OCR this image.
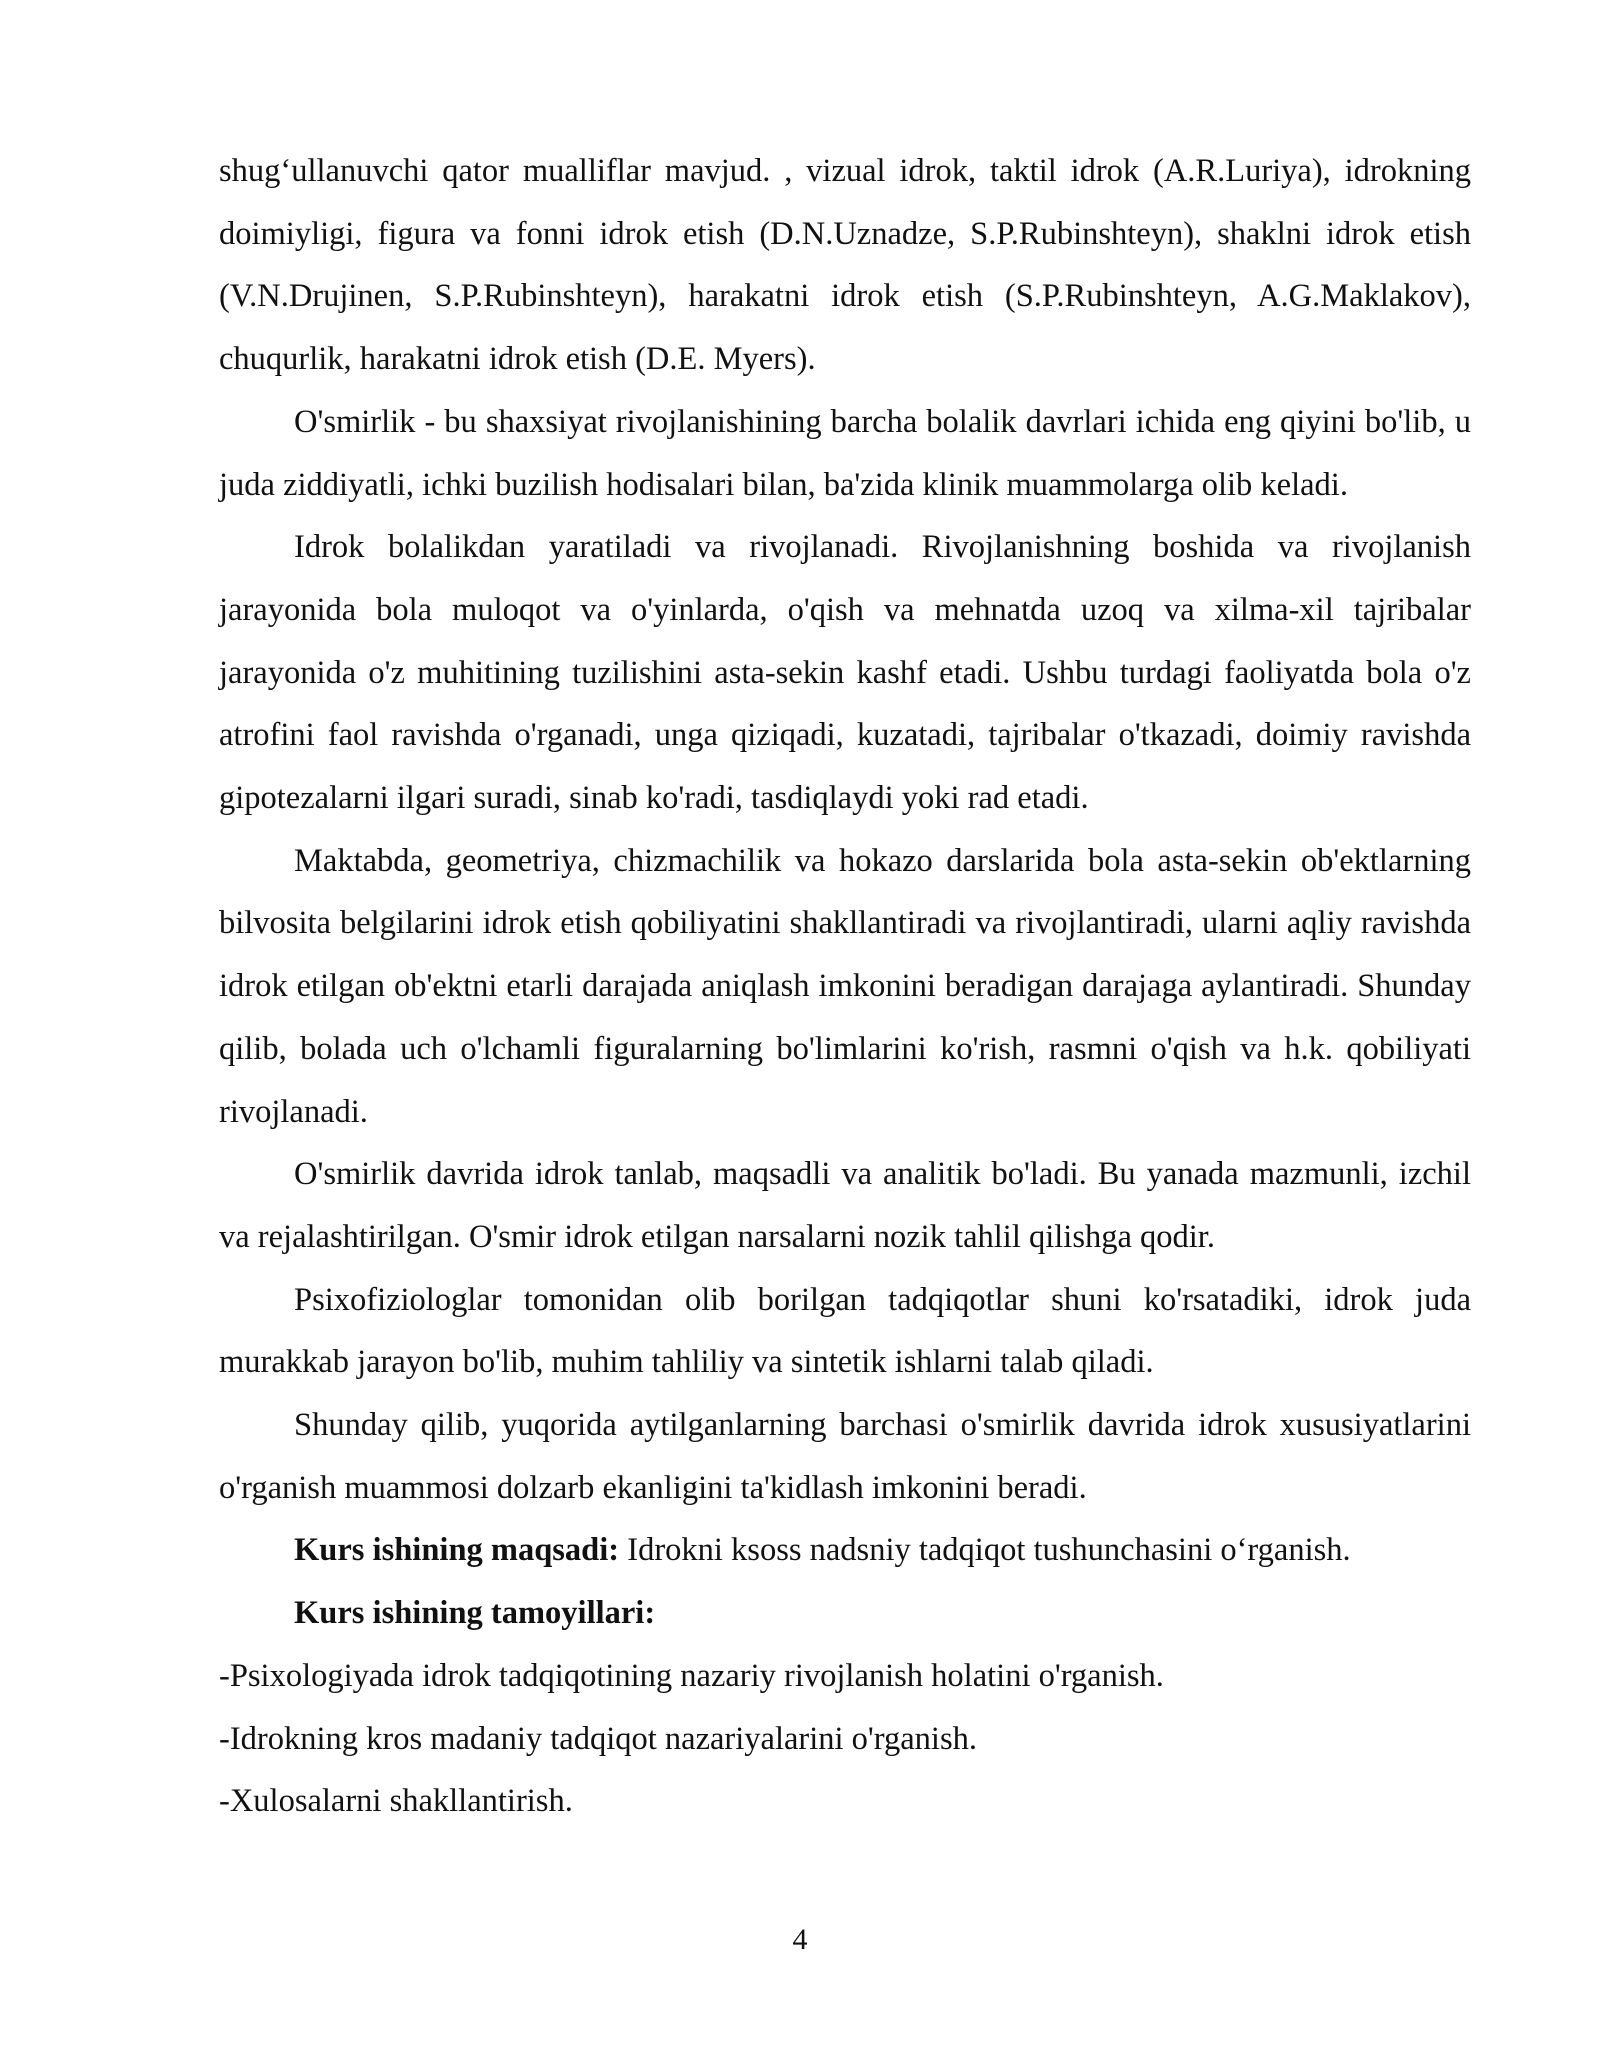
shug‘ullanuvchi qator mualliflar mavjud. , vizual idrok, taktil idrok (A.R.Luriya), idrokning doimiyligi, figura va fonni idrok etish (D.N.Uznadze, S.P.Rubinshteyn), shaklni idrok etish (V.N.Drujinen, S.P.Rubinshteyn), harakatni idrok etish (S.P.Rubinshteyn, A.G.Maklakov), chuqurlik, harakatni idrok etish (D.E. Myers).

O'smirlik - bu shaxsiyat rivojlanishining barcha bolalik davrlari ichida eng qiyini bo'lib, u juda ziddiyatli, ichki buzilish hodisalari bilan, ba'zida klinik muammolarga olib keladi.

Idrok bolalikdan yaratiladi va rivojlanadi. Rivojlanishning boshida va rivojlanish jarayonida bola muloqot va o'yinlarda, o'qish va mehnatda uzoq va xilma-xil tajribalar jarayonida o'z muhitining tuzilishini asta-sekin kashf etadi. Ushbu turdagi faoliyatda bola o'z atrofini faol ravishda o'rganadi, unga qiziqadi, kuzatadi, tajribalar o'tkazadi, doimiy ravishda gipotezalarni ilgari suradi, sinab ko'radi, tasdiqlaydi yoki rad etadi.

Maktabda, geometriya, chizmachilik va hokazo darslarida bola asta-sekin ob'ektlarning bilvosita belgilarini idrok etish qobiliyatini shakllantiradi va rivojlantiradi, ularni aqliy ravishda idrok etilgan ob'ektni etarli darajada aniqlash imkonini beradigan darajaga aylantiradi. Shunday qilib, bolada uch o'lchamli figuralarning bo'limlarini ko'rish, rasmni o'qish va h.k. qobiliyati rivojlanadi.

O'smirlik davrida idrok tanlab, maqsadli va analitik bo'ladi. Bu yanada mazmunli, izchil va rejalashtirilgan. O'smir idrok etilgan narsalarni nozik tahlil qilishga qodir.

Psixofiziologlar tomonidan olib borilgan tadqiqotlar shuni ko'rsatadiki, idrok juda murakkab jarayon bo'lib, muhim tahliliy va sintetik ishlarni talab qiladi.

Shunday qilib, yuqorida aytilganlarning barchasi o'smirlik davrida idrok xususiyatlarini o'rganish muammosi dolzarb ekanligini ta'kidlash imkonini beradi.

Kurs ishining maqsadi: Idrokni ksoss nadsniy tadqiqot tushunchasini o‘rganish.

Kurs ishining tamoyillari:

-Psixologiyada idrok tadqiqotining nazariy rivojlanish holatini o'rganish.

-Idrokning kros madaniy tadqiqot nazariyalarini o'rganish.

-Xulosalarni shakllantirish.

4
